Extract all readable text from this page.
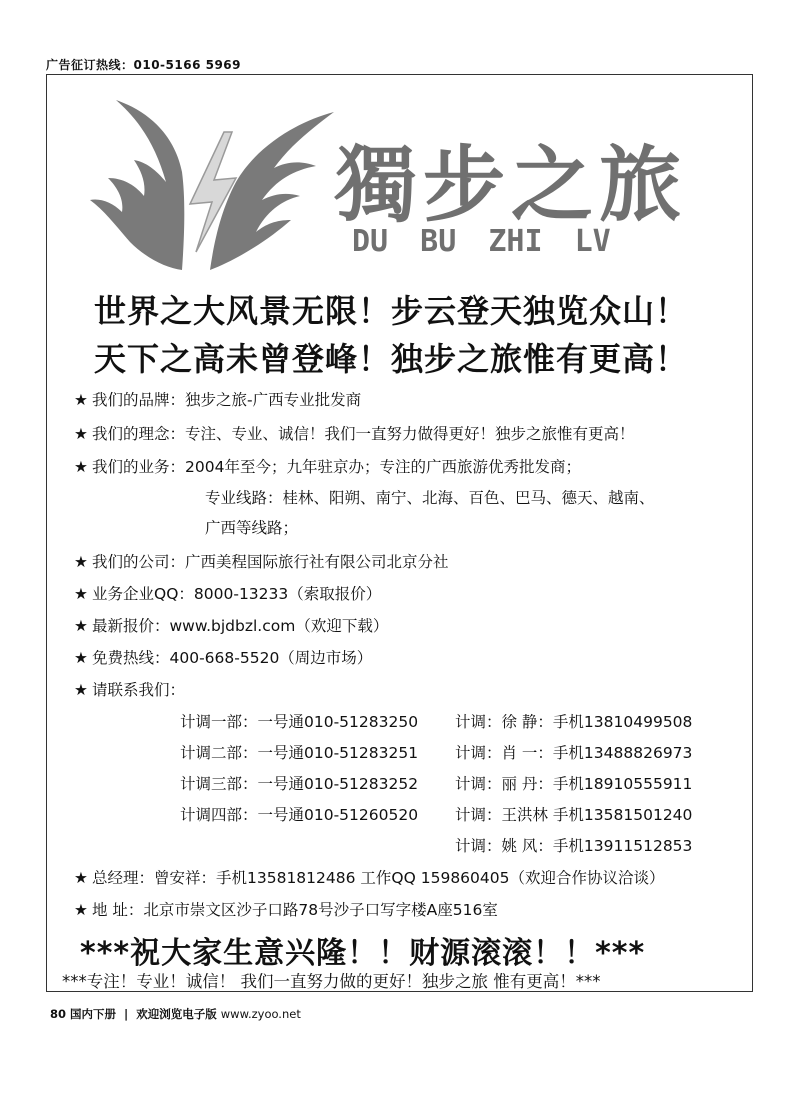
广告征订热线：010-5166 5969
獨步之旅
DU BU ZHI LV
世界之大风景无限！步云登天独览众山！
天下之高未曾登峰！独步之旅惟有更高！
★ 我们的品牌：独步之旅-广西专业批发商
★ 我们的理念：专注、专业、诚信！我们一直努力做得更好！独步之旅惟有更高！
★ 我们的业务：2004年至今；九年驻京办；专注的广西旅游优秀批发商；
专业线路：桂林、阳朔、南宁、北海、百色、巴马、德天、越南、
广西等线路；
★ 我们的公司：广西美程国际旅行社有限公司北京分社
★ 业务企业QQ：8000-13233（索取报价）
★ 最新报价：www.bjdbzl.com（欢迎下载）
★ 免费热线：400-668-5520（周边市场）
★ 请联系我们：
计调一部：一号通010-51283250 计调：徐 静：手机13810499508
计调二部：一号通010-51283251 计调：肖 一：手机13488826973
计调三部：一号通010-51283252 计调：丽 丹：手机18910555911
计调四部：一号通010-51260520 计调：王洪林 手机13581501240
计调：姚 风：手机13911512853
★ 总经理：曾安祥：手机13581812486 工作QQ 159860405（欢迎合作协议洽谈）
★ 地 址：北京市崇文区沙子口路78号沙子口写字楼A座516室
***祝大家生意兴隆！！财源滚滚！！***
***专注！专业！诚信！ 我们一直努力做的更好！独步之旅 惟有更高！***
80 国内下册 | 欢迎浏览电子版 www.zyoo.net
